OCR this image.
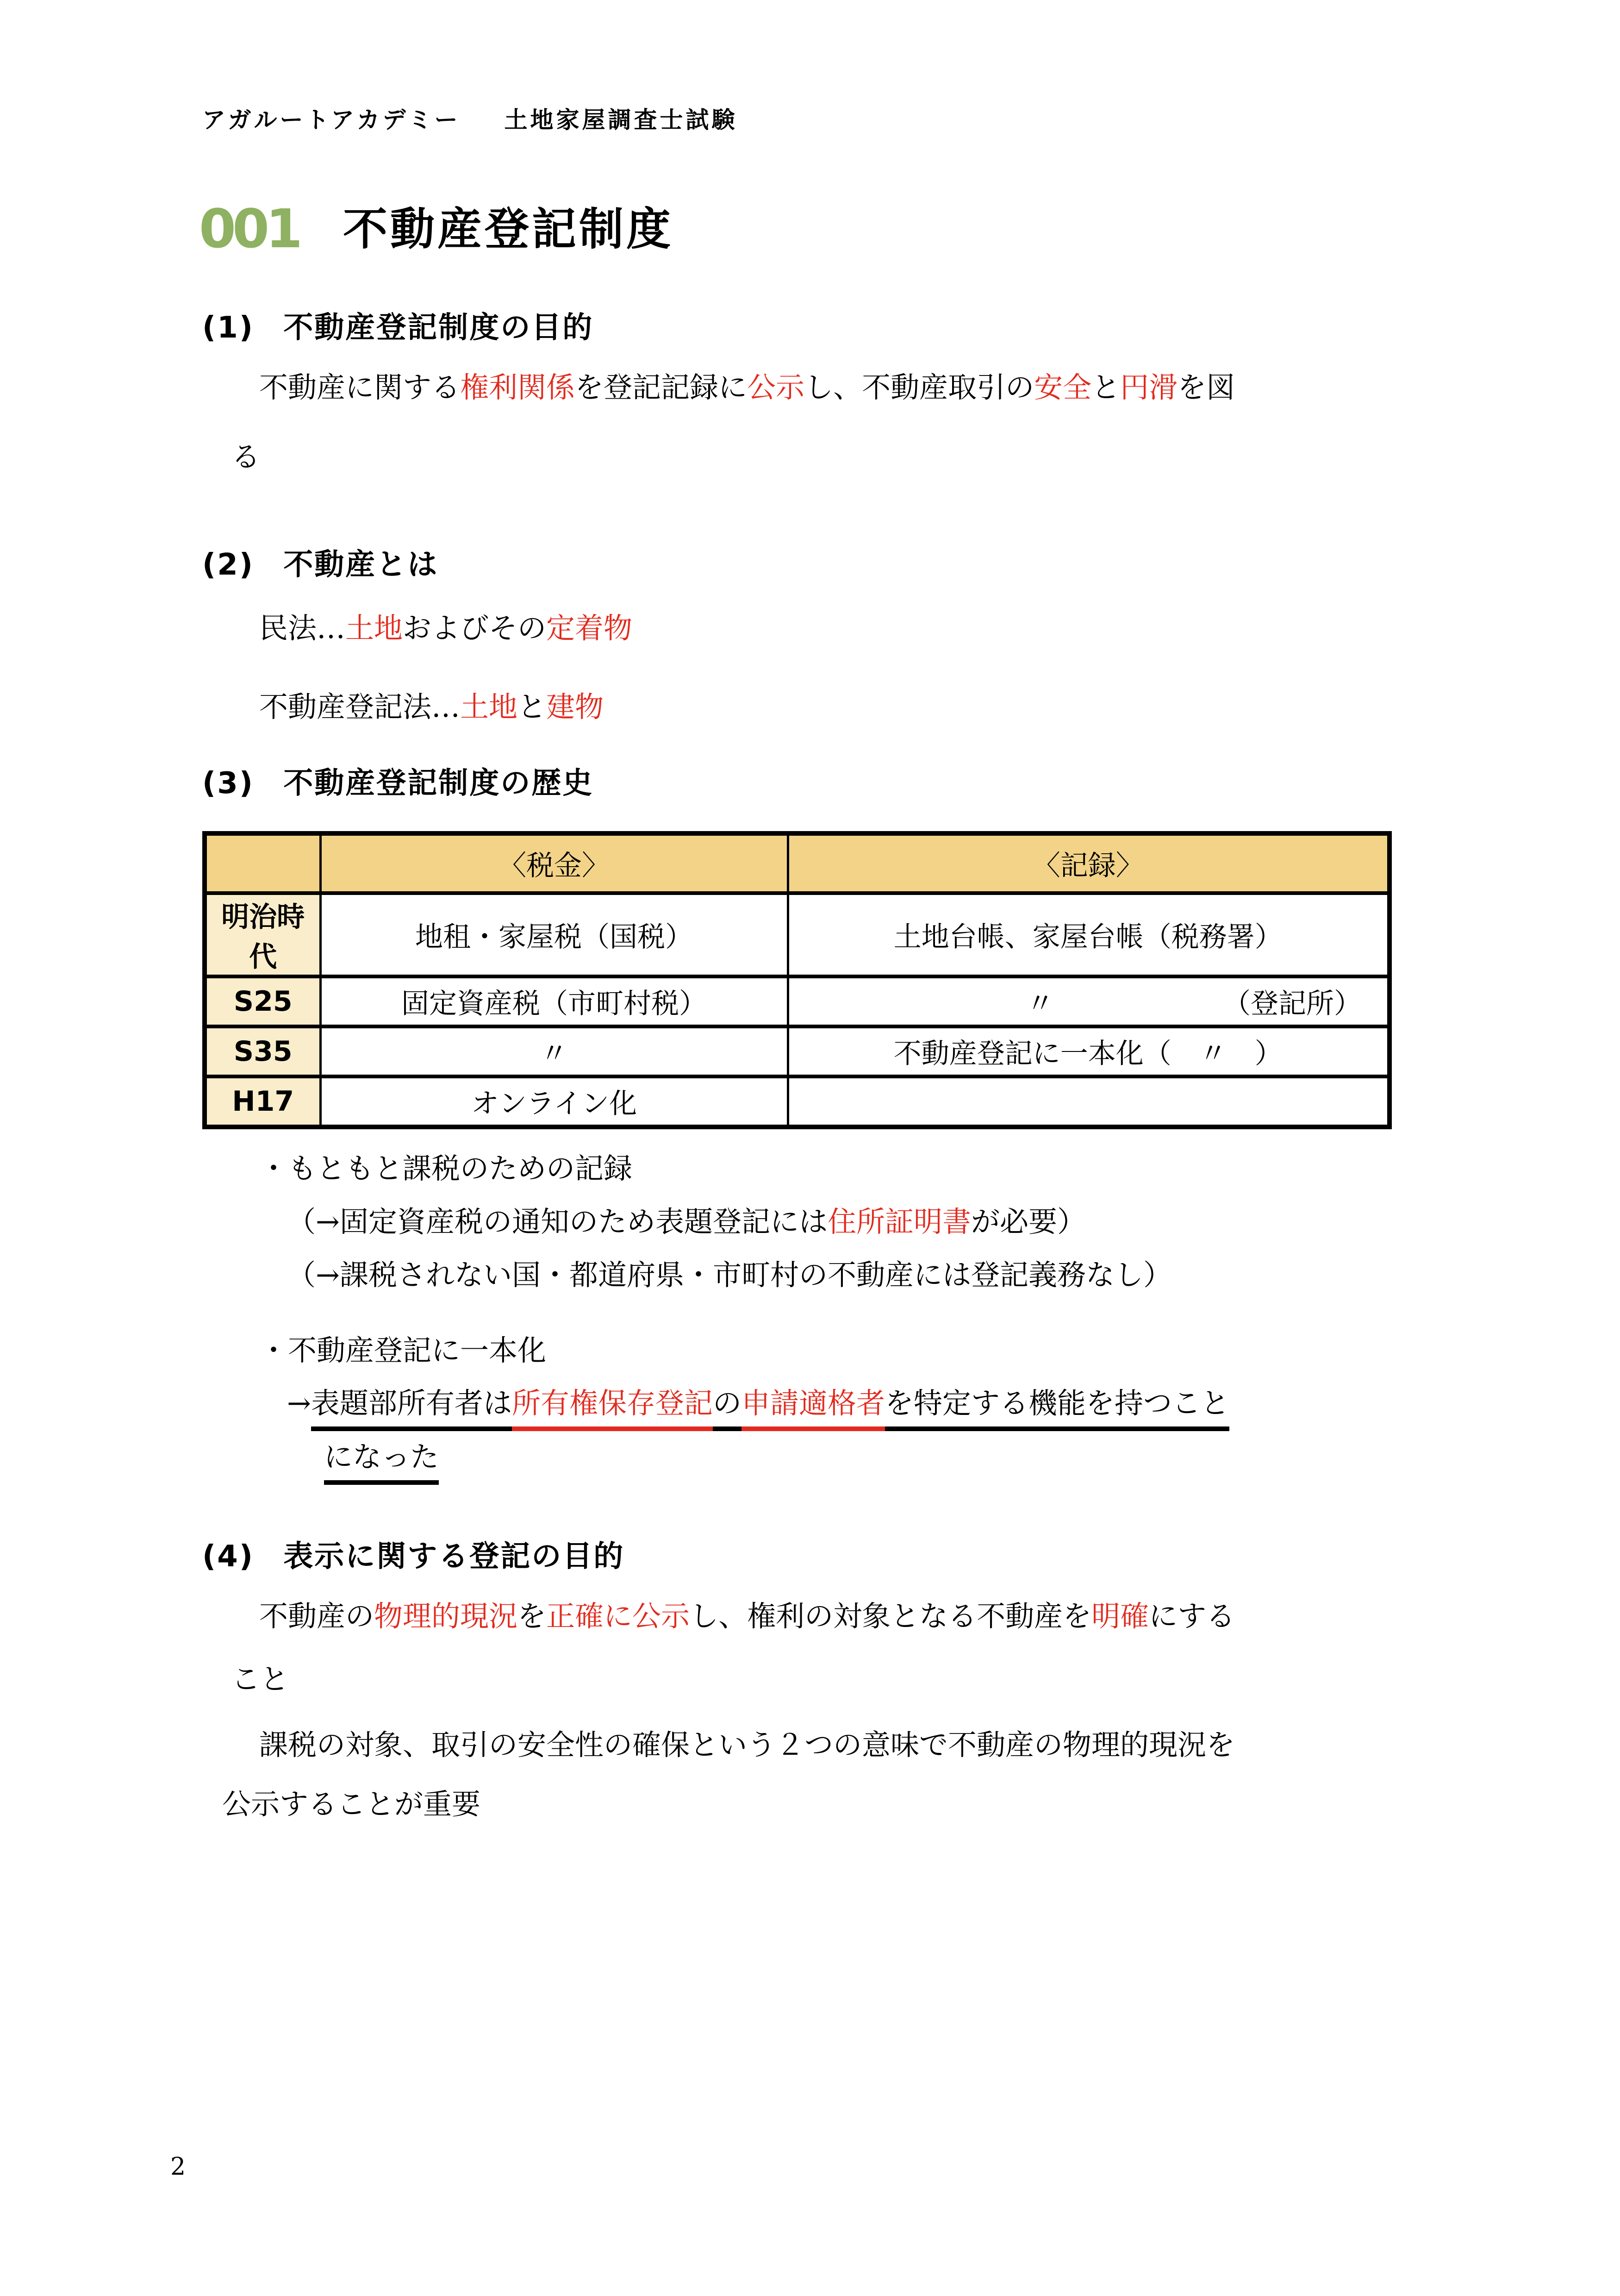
アガルートアカデミー 土地家屋調査士試験
001 不動産登記制度
(1) 不動産登記制度の目的
不動産に関する権利関係を登記記録に公示し、不動産取引の安全と円滑を図
る
(2) 不動産とは
民法…土地およびその定着物
不動産登記法…土地と建物
(3) 不動産登記制度の歴史
	〈税金〉	〈記録〉
明治時代	地租・家屋税（国税）	土地台帳、家屋台帳（税務署）
S25	固定資産税（市町村税）	〃 （登記所）

S35	〃	不動産登記に一本化（　〃　）
H17	オンライン化	
・もともと課税のための記録
（→固定資産税の通知のため表題登記には住所証明書が必要）
（→課税されない国・都道府県・市町村の不動産には登記義務なし）
・不動産登記に一本化
→表題部所有者は所有権保存登記の申請適格者を特定する機能を持つこと
になった
(4) 表示に関する登記の目的
不動産の物理的現況を正確に公示し、権利の対象となる不動産を明確にする
こと
課税の対象、取引の安全性の確保という２つの意味で不動産の物理的現況を
公示することが重要
2
